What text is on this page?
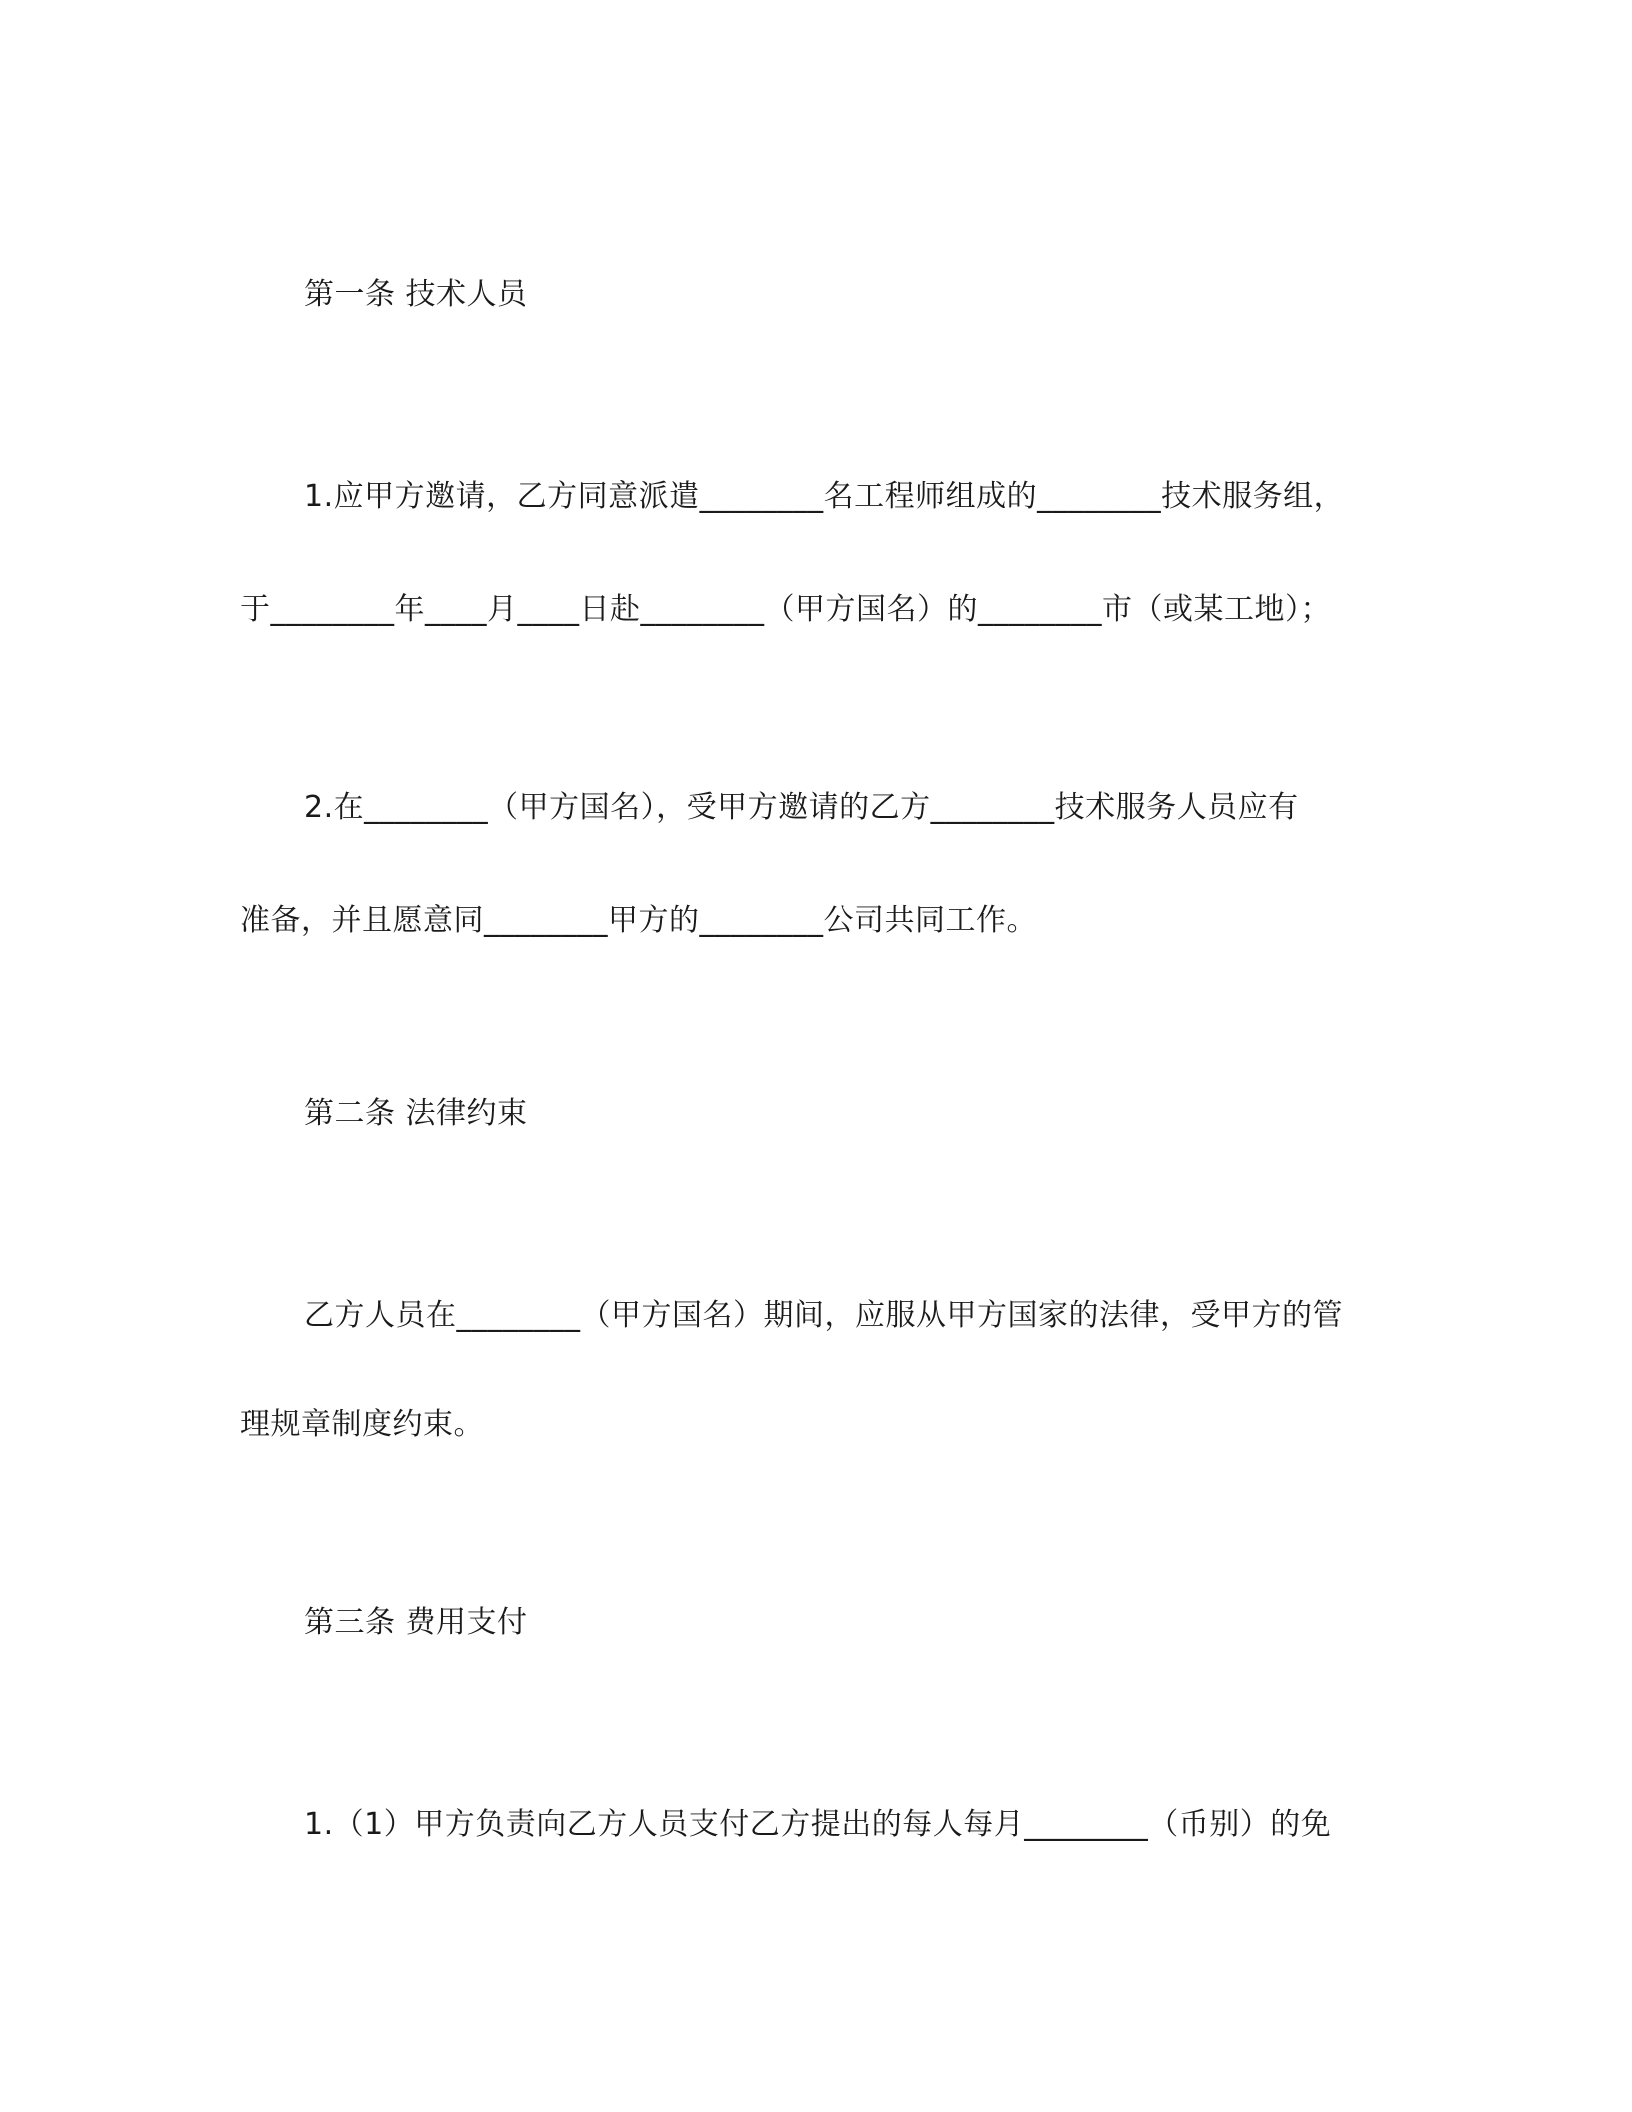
第一条 技术人员
1.应甲方邀请，乙方同意派遣________名工程师组成的________技术服务组，
于________年____月____日赴________（甲方国名）的________市（或某工地）；
2.在________（甲方国名），受甲方邀请的乙方________技术服务人员应有
准备，并且愿意同________甲方的________公司共同工作。
第二条 法律约束
乙方人员在________（甲方国名）期间，应服从甲方国家的法律，受甲方的管
理规章制度约束。
第三条 费用支付
1.（1）甲方负责向乙方人员支付乙方提出的每人每月________（币别）的免
